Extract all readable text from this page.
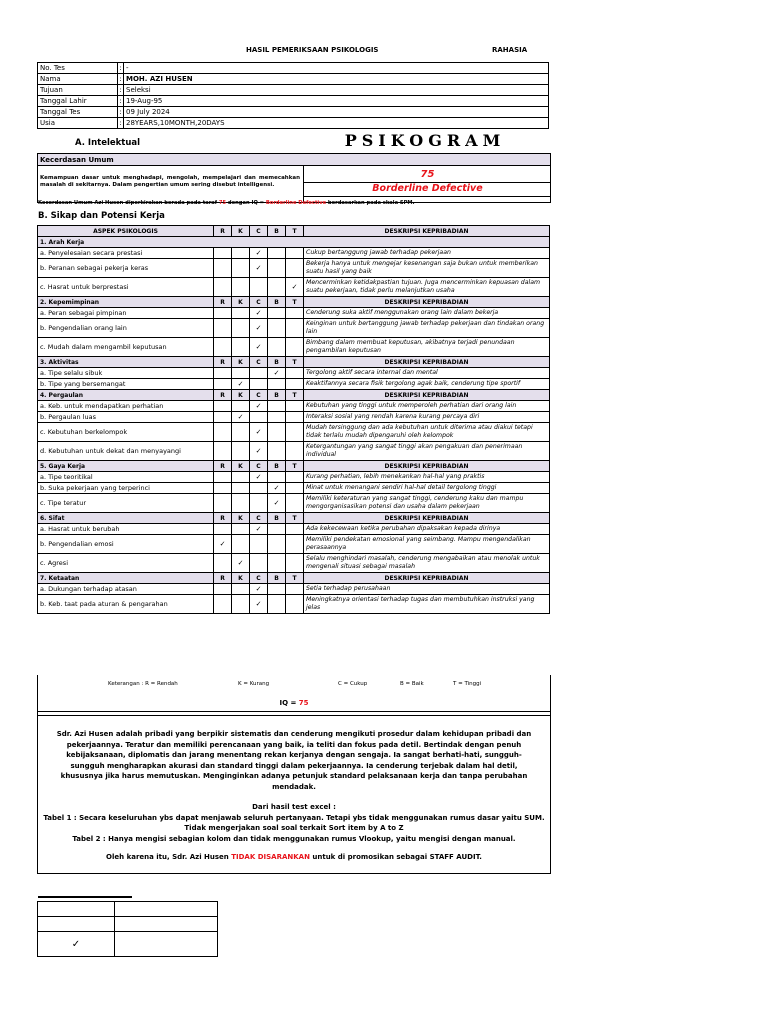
HASIL PEMERIKSAAN PSIKOLOGIS	RAHASIA
No. Tes	:	-
Nama	:	MOH. AZI HUSEN
Tujuan	:	Seleksi
Tanggal Lahir	:	19-Aug-95
Tanggal Tes	:	09 July 2024
Usia	:	28YEARS,10MONTH,20DAYS
A. Intelektual	PSIKOGRAM
Kecerdasan Umum
Kemampuan dasar untuk menghadapi, mengolah, mempelajari dan memecahkan masalah di sekitarnya. Dalam pengertian umum sering disebut intelligensi.
75
Borderline Defective
Kecerdasan Umum Azi Husen diperkirakan berada pada taraf 75 dengan IQ = Borderline Defective berdasarkan pada skala SPM.
B. Sikap dan Potensi Kerja
ASPEK PSIKOLOGIS	R	K	C	B	T	DESKRIPSI KEPRIBADIAN
1. Arah Kerja						
a. Penyelesaian secara prestasi			✓			Cukup bertanggung jawab terhadap pekerjaan
b. Peranan sebagai pekerja keras			✓			Bekerja hanya untuk mengejar kesenangan saja bukan untuk memberikan suatu hasil yang baik
c. Hasrat untuk berprestasi					✓	Mencerminkan ketidakpastian tujuan. Juga mencerminkan kepuasan dalam suatu pekerjaan, tidak perlu melanjutkan usaha
2. Kepemimpinan	R	K	C	B	T	DESKRIPSI KEPRIBADIAN
a. Peran sebagai pimpinan			✓			Cenderung suka aktif menggunakan orang lain dalam bekerja
b. Pengendalian orang lain			✓			Keinginan untuk bertanggung jawab terhadap pekerjaan dan tindakan orang lain
c. Mudah dalam mengambil keputusan			✓			Bimbang dalam membuat keputusan, akibatnya terjadi penundaan pengambilan keputusan
3. Aktivitas	R	K	C	B	T	DESKRIPSI KEPRIBADIAN
a. Tipe selalu sibuk				✓		Tergolong aktif secara internal dan mental
b. Tipe yang bersemangat		✓				Keaktifannya secara fisik tergolong agak baik, cenderung tipe sportif
4. Pergaulan	R	K	C	B	T	DESKRIPSI KEPRIBADIAN
a. Keb. untuk mendapatkan perhatian			✓			Kebutuhan yang tinggi untuk memperoleh perhatian dari orang lain
b. Pergaulan luas		✓				Interaksi sosial yang rendah karena kurang percaya diri
c. Kebutuhan berkelompok			✓			Mudah tersinggung dan ada kebutuhan untuk diterima atau diakui tetapi tidak terlalu mudah dipengaruhi oleh kelompok
d. Kebutuhan untuk dekat dan menyayangi			✓			Ketergantungan yang sangat tinggi akan pengakuan dan penerimaan individual
5. Gaya Kerja	R	K	C	B	T	DESKRIPSI KEPRIBADIAN
a. Tipe teoritikal			✓			Kurang perhatian, lebih menekankan hal-hal yang praktis
b. Suka pekerjaan yang terperinci				✓		Minat untuk menangani sendiri hal-hal detail tergolong tinggi
c. Tipe teratur				✓		Memiliki keteraturan yang sangat tinggi, cenderung kaku dan mampu mengorganisasikan potensi dan usaha dalam pekerjaan
6. Sifat	R	K	C	B	T	DESKRIPSI KEPRIBADIAN
a. Hasrat untuk berubah			✓			Ada kekecewaan ketika perubahan dipaksakan kepada dirinya
b. Pengendalian emosi	✓					Memiliki pendekatan emosional yang seimbang. Mampu mengendalikan perasaannya
c. Agresi		✓				Selalu menghindari masalah, cenderung mengabaikan atau menolak untuk mengenali situasi sebagai masalah
7. Ketaatan	R	K	C	B	T	DESKRIPSI KEPRIBADIAN
a. Dukungan terhadap atasan			✓			Setia terhadap perusahaan
b. Keb. taat pada aturan & pengarahan			✓			Meningkatnya orientasi terhadap tugas dan membutuhkan instruksi yang jelas
Keterangan : R = Rendah	K = Kurang	C = Cukup	B = Baik	T = Tinggi
IQ = 75

Sdr. Azi Husen adalah pribadi yang berpikir sistematis dan cenderung mengikuti prosedur dalam kehidupan pribadi dan pekerjaannya. Teratur dan memiliki perencanaan yang baik, ia teliti dan fokus pada detil. Bertindak dengan penuh kebijaksanaan, diplomatis dan jarang menentang rekan kerjanya dengan sengaja. Ia sangat berhati-hati, sungguh-sungguh mengharapkan akurasi dan standard tinggi dalam pekerjaannya. Ia cenderung terjebak dalam hal detil, khususnya jika harus memutuskan. Menginginkan adanya petunjuk standard pelaksanaan kerja dan tanpa perubahan mendadak.

Dari hasil test excel :

Tabel 1 : Secara keseluruhan ybs dapat menjawab seluruh pertanyaan. Tetapi ybs tidak menggunakan rumus dasar yaitu SUM.

Tidak mengerjakan soal soal terkait Sort item by A to Z

Tabel 2 : Hanya mengisi sebagian kolom dan tidak menggunakan rumus Vlookup, yaitu mengisi dengan manual.

Oleh karena itu, Sdr. Azi Husen TIDAK DISARANKAN untuk di promosikan sebagai STAFF AUDIT.

✓	
